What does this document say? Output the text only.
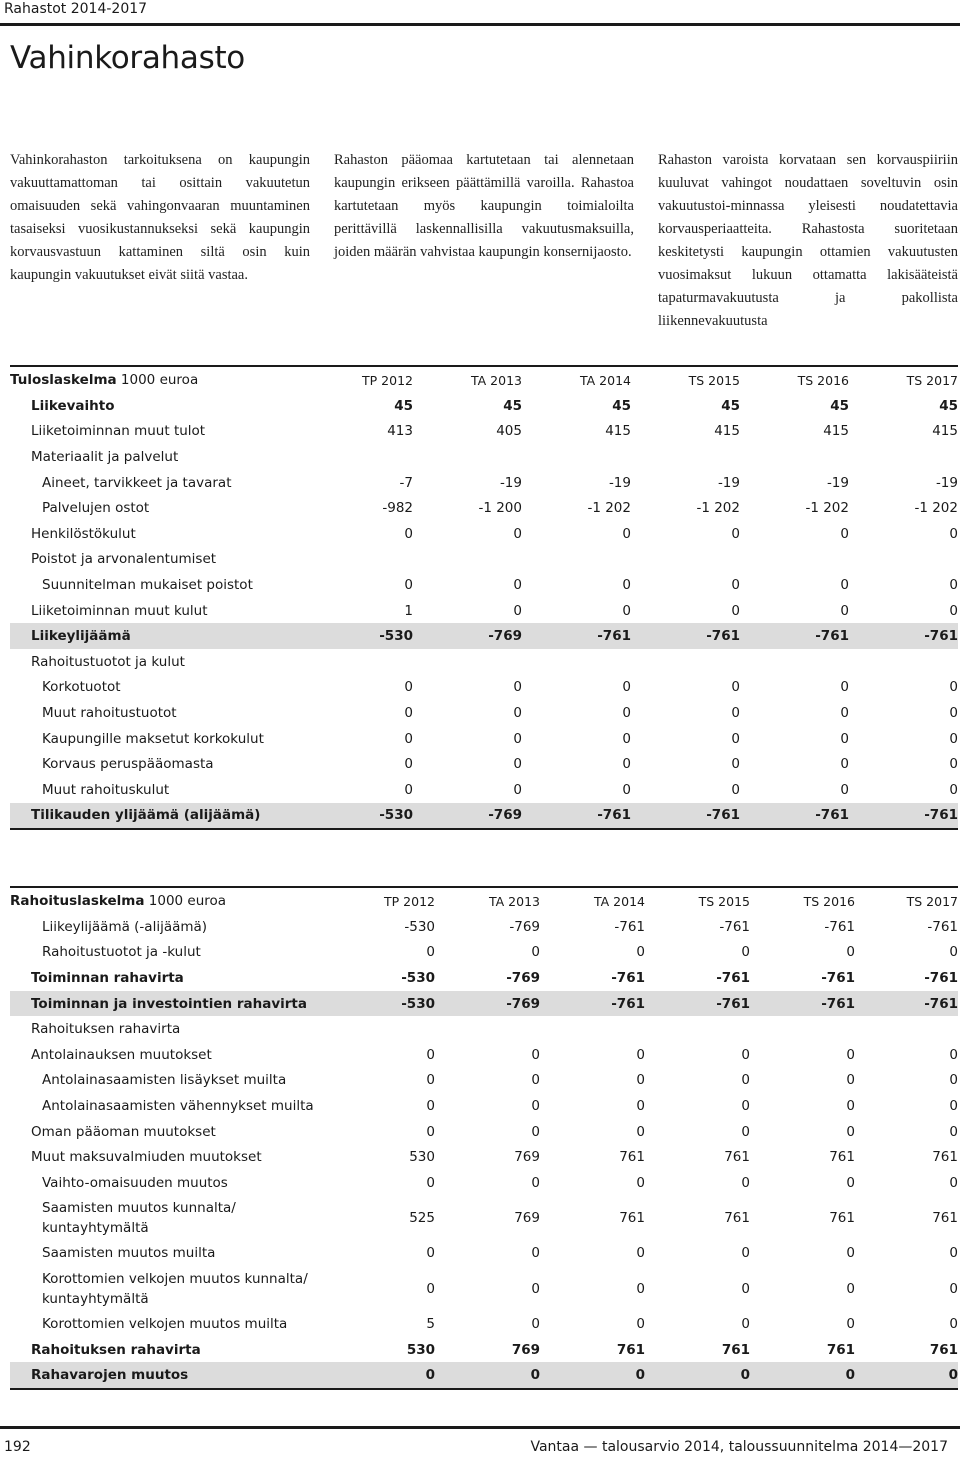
Rahastot 2014-2017
Vahinkorahasto

Vahinkorahaston tarkoituksena on kaupungin vakuuttamattoman tai osittain vakuutetun omaisuuden sekä vahingonvaaran muuntaminen tasaiseksi vuosikustannukseksi sekä kaupungin korvausvastuun kattaminen siltä osin kuin kaupungin vakuutukset eivät siitä vastaa.

Rahaston pääomaa kartutetaan tai alennetaan kaupungin erikseen päättämillä varoilla. Rahastoa kartutetaan myös kaupungin toimialoilta perittävillä laskennallisilla vakuutusmaksuilla, joiden määrän vahvistaa kaupungin konsernijaosto.

Rahaston varoista korvataan sen korvauspiiriin kuuluvat vahingot noudattaen soveltuvin osin vakuutustoi-minnassa yleisesti noudatettavia korvausperiaatteita. Rahastosta suoritetaan keskitetysti kaupungin ottamien vakuutusten vuosimaksut lukuun ottamatta lakisääteistä tapaturmavakuutusta ja pakollista liikennevakuutusta

Tuloslaskelma 1000 euroa	TP 2012	TA 2013	TA 2014	TS 2015	TS 2016	TS 2017
Liikevaihto	45	45	45	45	45	45
Liiketoiminnan muut tulot	413	405	415	415	415	415
Materiaalit ja palvelut						
Aineet, tarvikkeet ja tavarat	-7	-19	-19	-19	-19	-19
Palvelujen ostot	-982	-1 200	-1 202	-1 202	-1 202	-1 202
Henkilöstökulut	0	0	0	0	0	0
Poistot ja arvonalentumiset						
Suunnitelman mukaiset poistot	0	0	0	0	0	0
Liiketoiminnan muut kulut	1	0	0	0	0	0
Liikeylijäämä	-530	-769	-761	-761	-761	-761
Rahoitustuotot ja kulut						
Korkotuotot	0	0	0	0	0	0
Muut rahoitustuotot	0	0	0	0	0	0
Kaupungille maksetut korkokulut	0	0	0	0	0	0
Korvaus peruspääomasta	0	0	0	0	0	0
Muut rahoituskulut	0	0	0	0	0	0
Tilikauden ylijäämä (alijäämä)	-530	-769	-761	-761	-761	-761
Rahoituslaskelma 1000 euroa	TP 2012	TA 2013	TA 2014	TS 2015	TS 2016	TS 2017
Liikeylijäämä (-alijäämä)	-530	-769	-761	-761	-761	-761
Rahoitustuotot ja -kulut	0	0	0	0	0	0
Toiminnan rahavirta	-530	-769	-761	-761	-761	-761
Toiminnan ja investointien rahavirta	-530	-769	-761	-761	-761	-761
Rahoituksen rahavirta						
Antolainauksen muutokset	0	0	0	0	0	0
Antolainasaamisten lisäykset muilta	0	0	0	0	0	0
Antolainasaamisten vähennykset muilta	0	0	0	0	0	0
Oman pääoman muutokset	0	0	0	0	0	0
Muut maksuvalmiuden muutokset	530	769	761	761	761	761
Vaihto-omaisuuden muutos	0	0	0	0	0	0
Saamisten muutos kunnalta/ kuntayhtymältä	525	769	761	761	761	761
Saamisten muutos muilta	0	0	0	0	0	0
Korottomien velkojen muutos kunnalta/ kuntayhtymältä	0	0	0	0	0	0
Korottomien velkojen muutos muilta	5	0	0	0	0	0
Rahoituksen rahavirta	530	769	761	761	761	761
Rahavarojen muutos	0	0	0	0	0	0
192	Vantaa — talousarvio 2014, taloussuunnitelma 2014—2017
